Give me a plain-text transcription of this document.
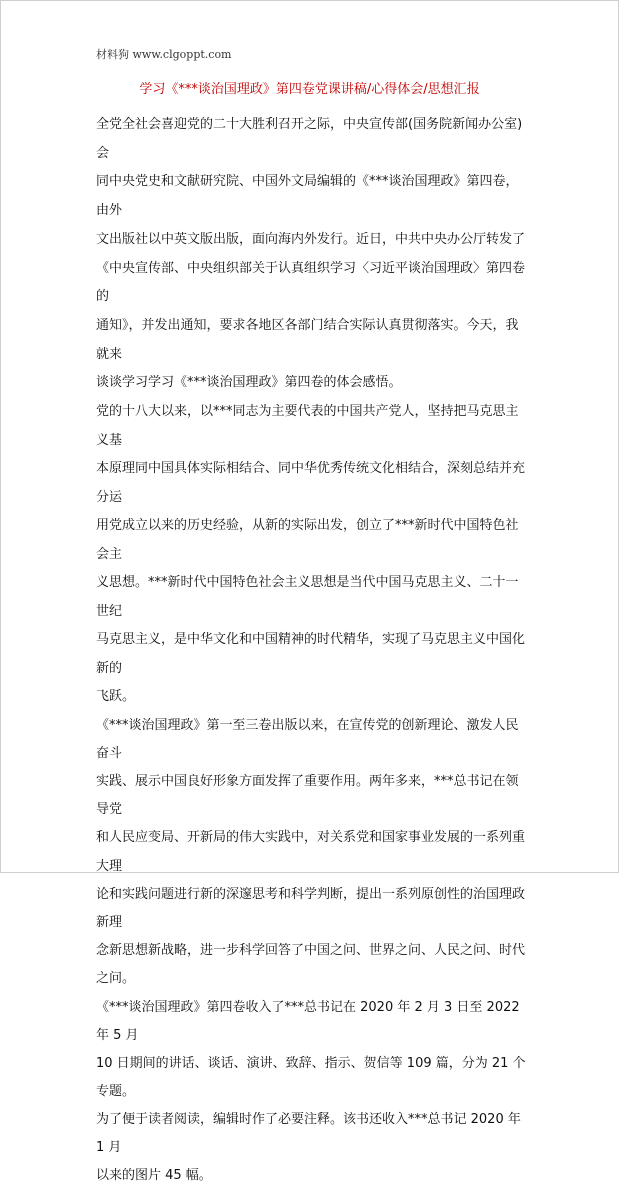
材料狗 www.clgoppt.com
学习《***谈治国理政》第四卷党课讲稿/心得体会/思想汇报

全党全社会喜迎党的二十大胜利召开之际，中央宣传部(国务院新闻办公室)会
同中央党史和文献研究院、中国外文局编辑的《***谈治国理政》第四卷，由外
文出版社以中英文版出版，面向海内外发行。近日，中共中央办公厅转发了
《中央宣传部、中央组织部关于认真组织学习〈习近平谈治国理政〉第四卷的
通知》，并发出通知，要求各地区各部门结合实际认真贯彻落实。今天，我就来
谈谈学习学习《***谈治国理政》第四卷的体会感悟。

党的十八大以来，以***同志为主要代表的中国共产党人，坚持把马克思主义基
本原理同中国具体实际相结合、同中华优秀传统文化相结合，深刻总结并充分运
用党成立以来的历史经验，从新的实际出发，创立了***新时代中国特色社会主
义思想。***新时代中国特色社会主义思想是当代中国马克思主义、二十一世纪
马克思主义，是中华文化和中国精神的时代精华，实现了马克思主义中国化新的
飞跃。

《***谈治国理政》第一至三卷出版以来，在宣传党的创新理论、激发人民奋斗
实践、展示中国良好形象方面发挥了重要作用。两年多来，***总书记在领导党
和人民应变局、开新局的伟大实践中，对关系党和国家事业发展的一系列重大理
论和实践问题进行新的深邃思考和科学判断，提出一系列原创性的治国理政新理
念新思想新战略，进一步科学回答了中国之问、世界之问、人民之问、时代之问。

《***谈治国理政》第四卷收入了***总书记在 2020 年 2 月 3 日至 2022 年 5 月
10 日期间的讲话、谈话、演讲、致辞、指示、贺信等 109 篇，分为 21 个专题。
为了便于读者阅读，编辑时作了必要注释。该书还收入***总书记 2020 年 1 月
以来的图片 45 幅。
